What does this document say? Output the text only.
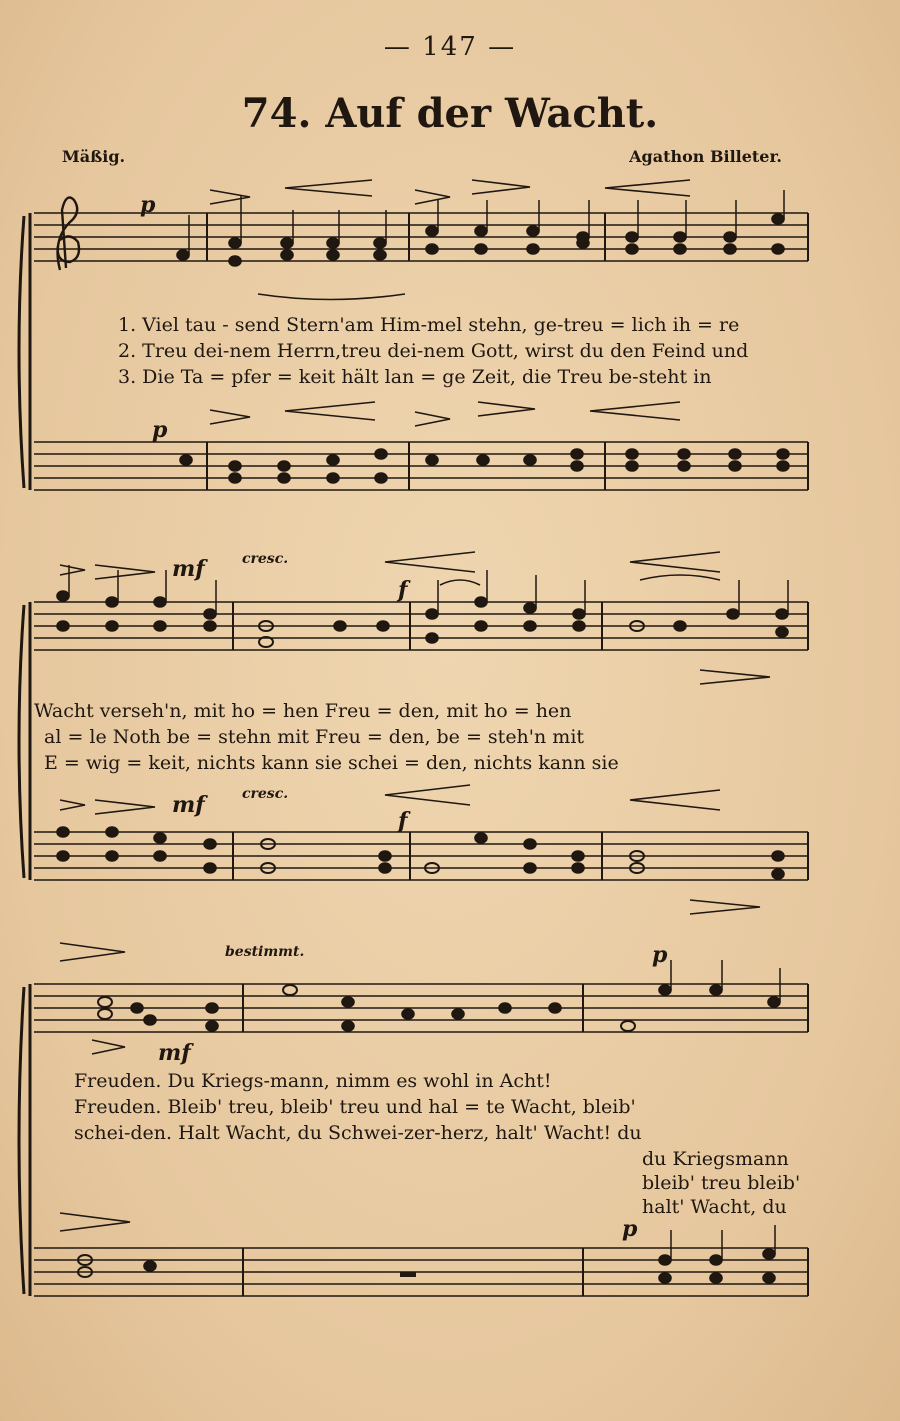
— 147 —
74. Auf der Wacht.
Mäßig.	Agathon Billeter.
p
p
mf	cresc.
f
mf	cresc.
f
bestimmt.	p
mf
p
1. Viel tau - send Stern'am Him-mel stehn, ge-treu = lich ih = re
2. Treu dei-nem Herrn,treu dei-nem Gott, wirst du den Feind und
3. Die Ta = pfer = keit hält lan = ge Zeit, die Treu be-steht in
Wacht verseh'n, mit ho = hen Freu = den, mit ho = hen
al = le Noth be = stehn mit Freu = den, be = steh'n mit
E = wig = keit, nichts kann sie schei = den, nichts kann sie
Freuden. Du Kriegs-mann, nimm es wohl in Acht!
Freuden. Bleib' treu, bleib' treu und hal = te Wacht, bleib'
schei-den. Halt Wacht, du Schwei-zer-herz, halt' Wacht! du
du Kriegsmann
bleib' treu bleib'
halt' Wacht, du
